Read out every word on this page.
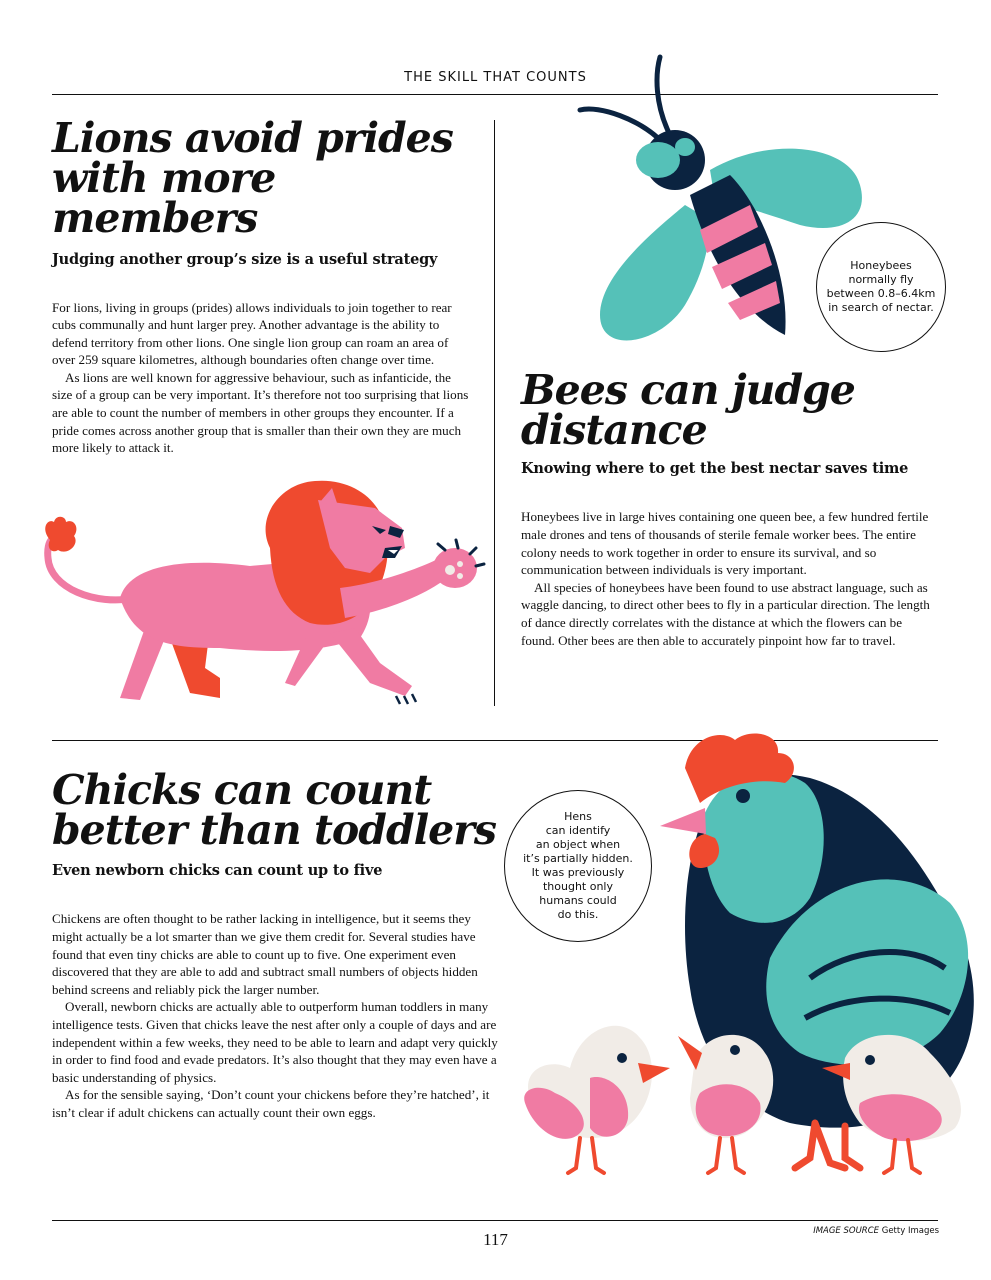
THE SKILL THAT COUNTS
Lions avoid prides
with more members
Judging another group’s size is a useful strategy

For lions, living in groups (prides) allows individuals to join together to rear cubs communally and hunt larger prey. Another advantage is the ability to defend territory from other lions. One single lion group can roam an area of over 259 square kilometres, although boundaries often change over time.

As lions are well known for aggressive behaviour, such as infanticide, the size of a group can be very important. It’s therefore not too surprising that lions are able to count the number of members in other groups they encounter. If a pride comes across another group that is smaller than their own they are much more likely to attack it.

Honeybees
normally fly
between 0.8–6.4km
in search of nectar.
Bees can judge
distance
Knowing where to get the best nectar saves time

Honeybees live in large hives containing one queen bee, a few hundred fertile male drones and tens of thousands of sterile female worker bees. The entire colony needs to work together in order to ensure its survival, and so communication between individuals is very important.

All species of honeybees have been found to use abstract language, such as waggle dancing, to direct other bees to fly in a particular direction. The length of dance directly correlates with the distance at which the flowers can be found. Other bees are then able to accurately pinpoint how far to travel.

Chicks can count
better than toddlers
Even newborn chicks can count up to five

Chickens are often thought to be rather lacking in intelligence, but it seems they might actually be a lot smarter than we give them credit for. Several studies have found that even tiny chicks are able to count up to five. One experiment even discovered that they are able to add and subtract small numbers of objects hidden behind screens and reliably pick the larger number.

Overall, newborn chicks are actually able to outperform human toddlers in many intelligence tests. Given that chicks leave the nest after only a couple of days and are independent within a few weeks, they need to be able to learn and adapt very quickly in order to find food and evade predators. It’s also thought that they may even have a basic understanding of physics.

As for the sensible saying, ‘Don’t count your chickens before they’re hatched’, it isn’t clear if adult chickens can actually count their own eggs.

Hens
can identify
an object when
it’s partially hidden.
It was previously
thought only
humans could
do this.
117	IMAGE SOURCE Getty Images
